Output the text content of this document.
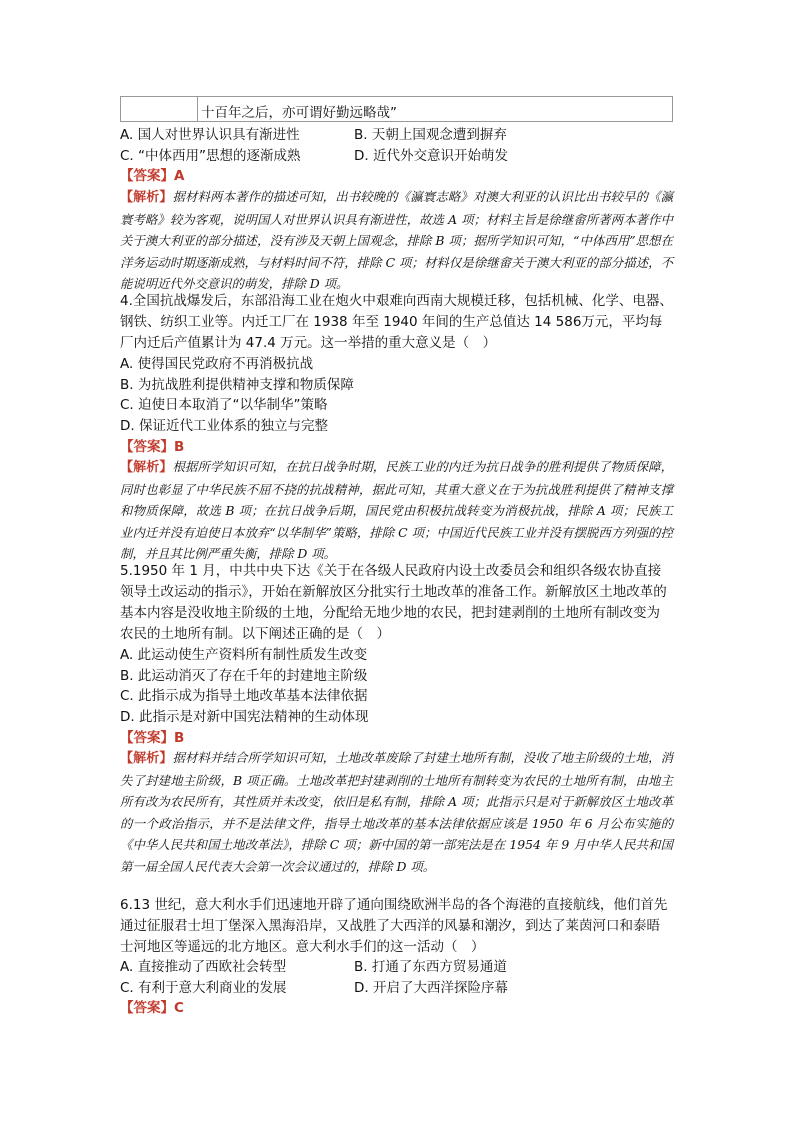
十百年之后，亦可谓好勤远略哉”
A. 国人对世界认识具有渐进性	B. 天朝上国观念遭到摒弃
C. “中体西用”思想的逐渐成熟	D. 近代外交意识开始萌发
【答案】A
【解析】据材料两本著作的描述可知，出书较晚的《瀛寰志略》对澳大利亚的认识比出书较早的《瀛寰考略》较为客观，说明国人对世界认识具有渐进性，故选 A 项；材料主旨是徐继畲所著两本著作中关于澳大利亚的部分描述，没有涉及天朝上国观念，排除 B 项；据所学知识可知，“中体西用”思想在洋务运动时期逐渐成熟，与材料时间不符，排除 C 项；材料仅是徐继畲关于澳大利亚的部分描述，不能说明近代外交意识的萌发，排除 D 项。
4.全国抗战爆发后，东部沿海工业在炮火中艰难向西南大规模迁移，包括机械、化学、电器、钢铁、纺织工业等。内迁工厂在 1938 年至 1940 年间的生产总值达 14 586万元，平均每厂内迁后产值累计为 47.4 万元。这一举措的重大意义是（　）
A. 使得国民党政府不再消极抗战
B. 为抗战胜利提供精神支撑和物质保障
C. 迫使日本取消了“以华制华”策略
D. 保证近代工业体系的独立与完整
【答案】B
【解析】根据所学知识可知，在抗日战争时期，民族工业的内迁为抗日战争的胜利提供了物质保障，同时也彰显了中华民族不屈不挠的抗战精神，据此可知，其重大意义在于为抗战胜利提供了精神支撑和物质保障，故选 B 项；在抗日战争后期，国民党由积极抗战转变为消极抗战，排除 A 项；民族工业内迁并没有迫使日本放弃“以华制华”策略，排除 C 项；中国近代民族工业并没有摆脱西方列强的控制，并且其比例严重失衡，排除 D 项。
5.1950 年 1 月，中共中央下达《关于在各级人民政府内设土改委员会和组织各级农协直接领导土改运动的指示》，开始在新解放区分批实行土地改革的准备工作。新解放区土地改革的基本内容是没收地主阶级的土地，分配给无地少地的农民，把封建剥削的土地所有制改变为农民的土地所有制。以下阐述正确的是（　）
A. 此运动使生产资料所有制性质发生改变
B. 此运动消灭了存在千年的封建地主阶级
C. 此指示成为指导土地改革基本法律依据
D. 此指示是对新中国宪法精神的生动体现
【答案】B
【解析】据材料并结合所学知识可知，土地改革废除了封建土地所有制，没收了地主阶级的土地，消失了封建地主阶级，B 项正确。土地改革把封建剥削的土地所有制转变为农民的土地所有制，由地主所有改为农民所有，其性质并未改变，依旧是私有制，排除 A 项；此指示只是对于新解放区土地改革的一个政治指示，并不是法律文件，指导土地改革的基本法律依据应该是 1950 年 6 月公布实施的《中华人民共和国土地改革法》，排除 C 项；新中国的第一部宪法是在 1954 年 9 月中华人民共和国第一届全国人民代表大会第一次会议通过的，排除 D 项。
6.13 世纪，意大利水手们迅速地开辟了通向围绕欧洲半岛的各个海港的直接航线，他们首先通过征服君士坦丁堡深入黑海沿岸，又战胜了大西洋的风暴和潮汐，到达了莱茵河口和泰晤士河地区等遥远的北方地区。意大利水手们的这一活动（　）
A. 直接推动了西欧社会转型	B. 打通了东西方贸易通道
C. 有利于意大利商业的发展	D. 开启了大西洋探险序幕
【答案】C
